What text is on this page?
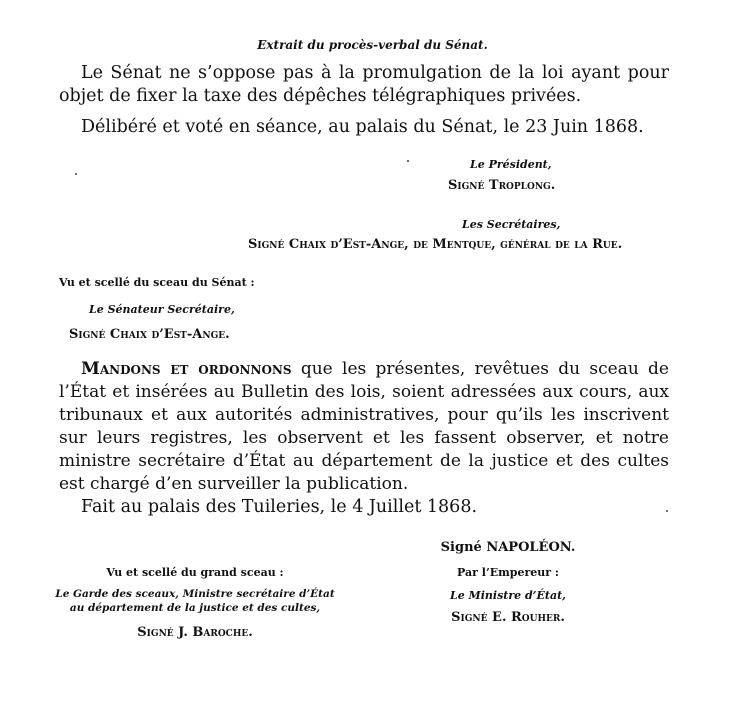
Extrait du procès-verbal du Sénat.
Le Sénat ne s’oppose pas à la promulgation de la loi ayant pour objet de fixer la taxe des dépêches télégraphiques privées.
Délibéré et voté en séance, au palais du Sénat, le 23 Juin 1868.
Le Président,
Signé Troplong.
Les Secrétaires,
Signé Chaix d’Est-Ange, de Mentque, général de la Rue.
Vu et scellé du sceau du Sénat :
Le Sénateur Secrétaire,
Signé Chaix d’Est-Ange.
Mandons et ordonnons que les présentes, revêtues du sceau de l’État et insérées au Bulletin des lois, soient adressées aux cours, aux tribunaux et aux autorités administratives, pour qu’ils les inscrivent sur leurs registres, les observent et les fassent observer, et notre ministre secrétaire d’État au département de la justice et des cultes est chargé d’en surveiller la publication.
Fait au palais des Tuileries, le 4 Juillet 1868.
Vu et scellé du grand sceau :
Le Garde des sceaux, Ministre secrétaire d’État
au département de la justice et des cultes,
Signé J. Baroche.
Signé NAPOLÉON.
Par l’Empereur :
Le Ministre d’État,
Signé E. Rouher.
